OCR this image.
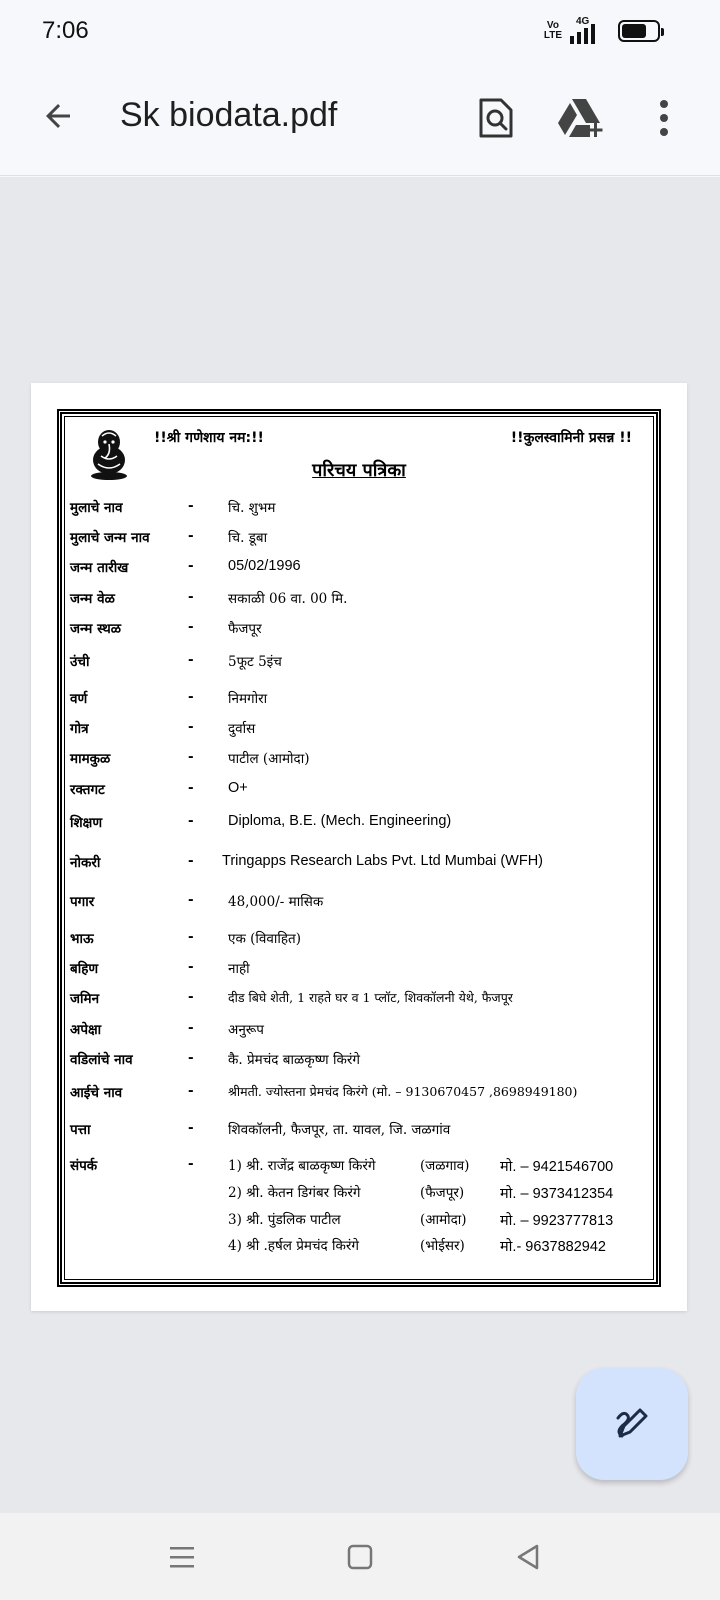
7:06	Vo
LTE
4G
Sk biodata.pdf
!!श्री गणेशाय नम:!!	!!कुलस्वामिनी प्रसन्न !!
परिचय पत्रिका
मुलाचे नाव	-	चि. शुभम
मुलाचे जन्म नाव	-	चि. डूबा
जन्म तारीख	- 05/02/1996
जन्म वेळ	-	सकाळी 06 वा. 00 मि.
जन्म स्थळ	-	फैजपूर
उंची	-	5फूट 5इंच
वर्ण	-	निमगोरा
गोत्र	-	दुर्वास
मामकुळ	-	पाटील (आमोदा)
रक्तगट	- O+
शिक्षण	- Diploma, B.E. (Mech. Engineering)
नोकरी	- Tringapps Research Labs Pvt. Ltd Mumbai (WFH)
पगार	-	48,000/- मासिक
भाऊ	-	एक (विवाहित)
बहिण	-	नाही
जमिन	-	दीड बिघे शेती, 1 राहते घर व 1 प्लॉट, शिवकॉलनी येथे, फैजपूर
अपेक्षा	-	अनुरूप
वडिलांचे नाव	-	कै. प्रेमचंद बाळकृष्ण किरंगे
आईचे नाव	-	श्रीमती. ज्योस्तना प्रेमचंद किरंगे (मो. – 9130670457 ,8698949180)
पत्ता	-	शिवकॉलनी, फैजपूर, ता. यावल, जि. जळगांव
संपर्क	-	1) श्री. राजेंद्र बाळकृष्ण किरंगे	(जळगाव) मो. – 9421546700
2) श्री. केतन डिगंबर किरंगे	(फैजपूर) मो. – 9373412354
3) श्री. पुंडलिक पाटील	(आमोदा) मो. – 9923777813
4) श्री .हर्षल प्रेमचंद किरंगे	(भोईसर) मो.- 9637882942
